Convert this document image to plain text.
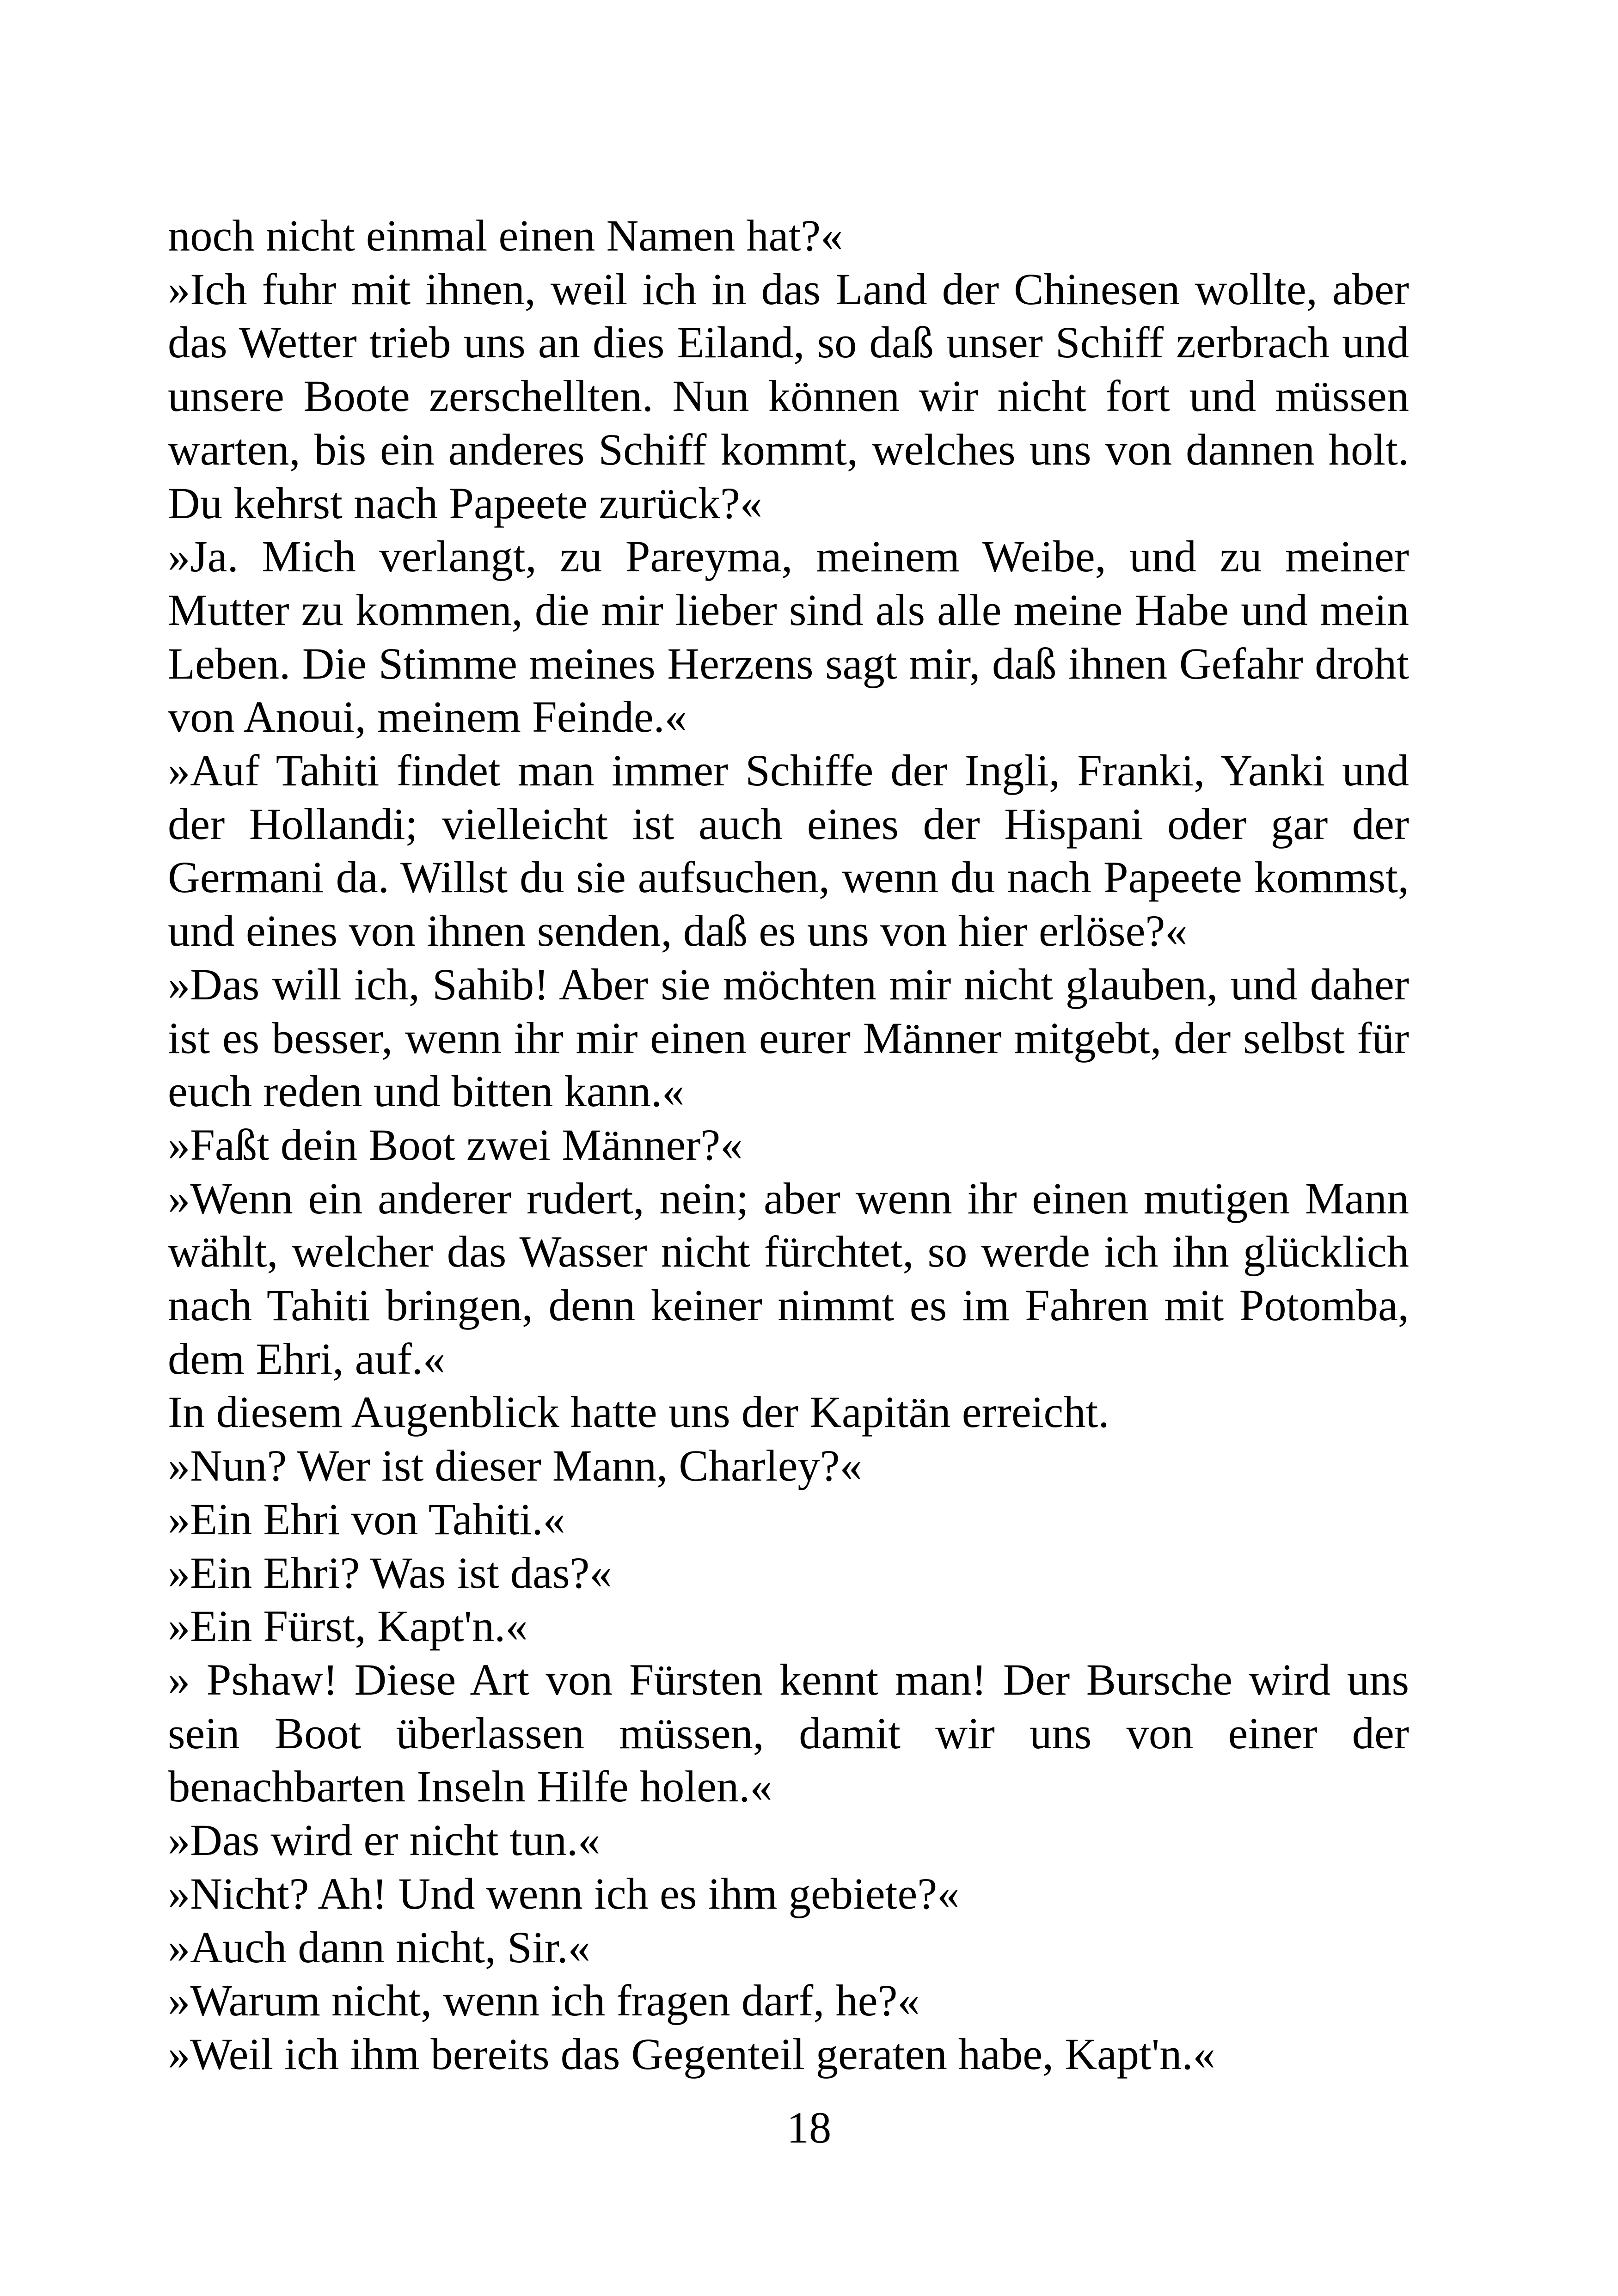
noch nicht einmal einen Namen hat?«

»Ich fuhr mit ihnen, weil ich in das Land der Chinesen wollte, aber das Wetter trieb uns an dies Eiland, so daß unser Schiff zerbrach und unsere Boote zerschellten. Nun können wir nicht fort und müssen warten, bis ein anderes Schiff kommt, welches uns von dannen holt. Du kehrst nach Papeete zurück?«

»Ja. Mich verlangt, zu Pareyma, meinem Weibe, und zu meiner Mutter zu kommen, die mir lieber sind als alle meine Habe und mein Leben. Die Stimme meines Herzens sagt mir, daß ihnen Gefahr droht von Anoui, meinem Feinde.«

»Auf Tahiti findet man immer Schiffe der Ingli, Franki, Yanki und der Hollandi; vielleicht ist auch eines der Hispani oder gar der Germani da. Willst du sie aufsuchen, wenn du nach Papeete kommst, und eines von ihnen senden, daß es uns von hier erlöse?«

»Das will ich, Sahib! Aber sie möchten mir nicht glauben, und daher ist es besser, wenn ihr mir einen eurer Männer mitgebt, der selbst für euch reden und bitten kann.«

»Faßt dein Boot zwei Männer?«

»Wenn ein anderer rudert, nein; aber wenn ihr einen mutigen Mann wählt, welcher das Wasser nicht fürchtet, so werde ich ihn glücklich nach Tahiti bringen, denn keiner nimmt es im Fahren mit Potomba, dem Ehri, auf.«

In diesem Augenblick hatte uns der Kapitän erreicht.

»Nun? Wer ist dieser Mann, Charley?«

»Ein Ehri von Tahiti.«

»Ein Ehri? Was ist das?«

»Ein Fürst, Kapt'n.«

» Pshaw! Diese Art von Fürsten kennt man! Der Bursche wird uns sein Boot überlassen müssen, damit wir uns von einer der benachbarten Inseln Hilfe holen.«

»Das wird er nicht tun.«

»Nicht? Ah! Und wenn ich es ihm gebiete?«

»Auch dann nicht, Sir.«

»Warum nicht, wenn ich fragen darf, he?«

»Weil ich ihm bereits das Gegenteil geraten habe, Kapt'n.«

18
